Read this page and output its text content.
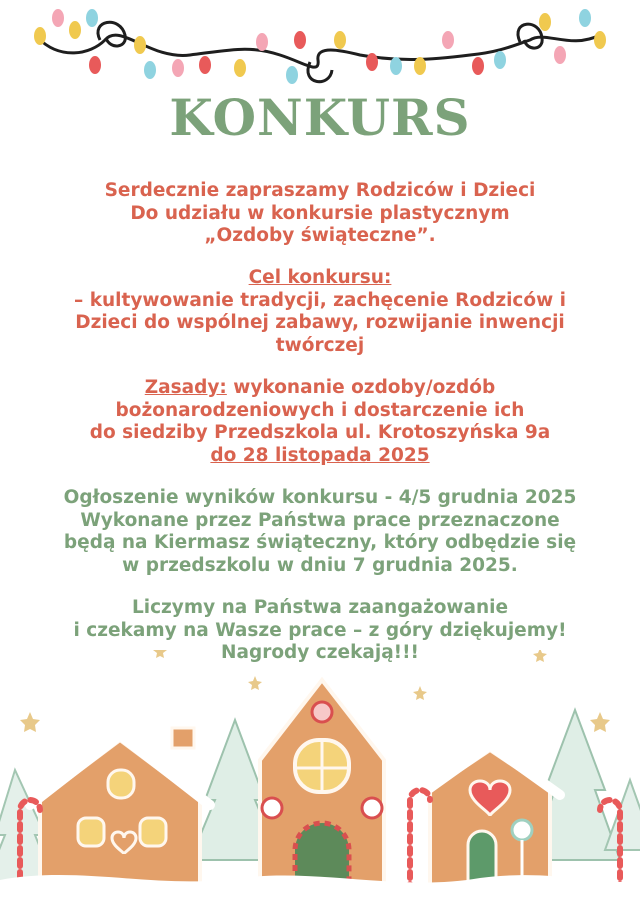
KONKURS
Serdecznie zapraszamy Rodziców i Dzieci
Do udziału w konkursie plastycznym
„Ozdoby świąteczne”.
Cel konkursu:
– kultywowanie tradycji, zachęcenie Rodziców i
Dzieci do wspólnej zabawy, rozwijanie inwencji
twórczej
Zasady: wykonanie ozdoby/ozdób
bożonarodzeniowych i dostarczenie ich
do siedziby Przedszkola ul. Krotoszyńska 9a
do 28 listopada 2025
Ogłoszenie wyników konkursu - 4/5 grudnia 2025
Wykonane przez Państwa prace przeznaczone
będą na Kiermasz świąteczny, który odbędzie się
w przedszkolu w dniu 7 grudnia 2025.
Liczymy na Państwa zaangażowanie
i czekamy na Wasze prace – z góry dziękujemy!
Nagrody czekają!!!
